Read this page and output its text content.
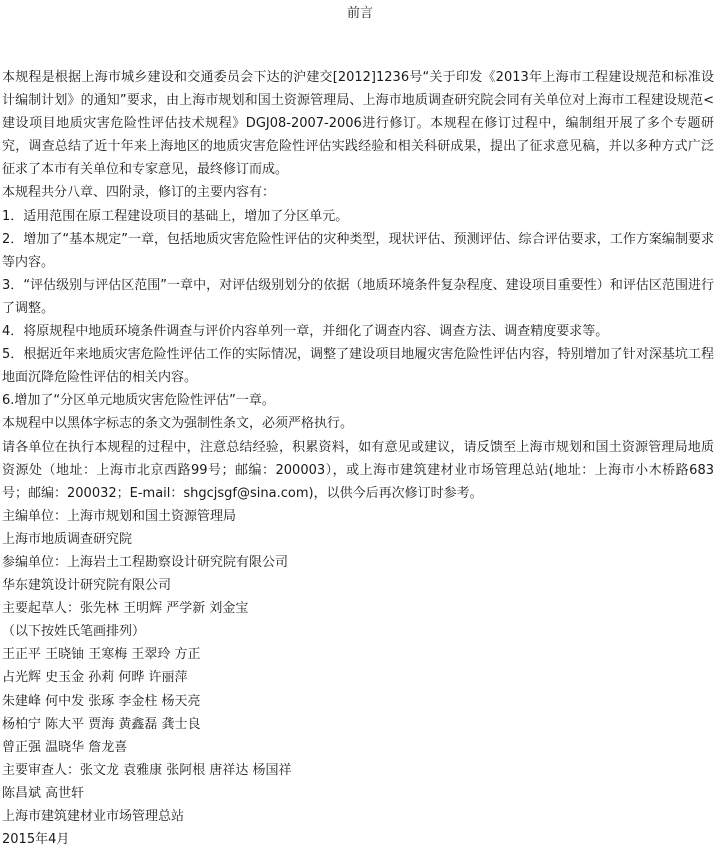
前言

本规程是根据上海市城乡建设和交通委员会下达的沪建交[2012]1236号“关于印发《2013年上海市工程建设规范和标准设计编制计划》的通知”要求，由上海市规划和国土资源管理局、上海市地质调查研究院会同有关单位对上海市工程建设规范<建设项目地质灾害危险性评估技术规程》DGJ08-2007-2006进行修订。本规程在修订过程中，编制组开展了多个专题研究，调查总结了近十年来上海地区的地质灾害危险性评估实践经验和相关科研成果，提出了征求意见稿，并以多种方式广泛征求了本市有关单位和专家意见，最终修订而成。

本规程共分八章、四附录，修订的主要内容有：

1．适用范围在原工程建设项目的基础上，增加了分区单元。

2．增加了“基本规定”一章，包括地质灾害危险性评估的灾种类型，现状评估、预测评估、综合评估要求，工作方案编制要求等内容。

3．“评估级别与评估区范围”一章中，对评估级别划分的依据（地质环境条件复杂程度、建设项目重要性）和评估区范围进行了调整。

4．将原规程中地质环境条件调查与评价内容单列一章，并细化了调查内容、调查方法、调查精度要求等。

5．根据近年来地质灾害危险性评估工作的实际情况，调整了建设项目地履灾害危险性评估内容，特别增加了针对深基坑工程地面沉降危险性评估的相关内容。

6.增加了“分区单元地质灾害危险性评估”一章。

本规程中以黑体字标志的条文为强制性条文，必须严格执行。

请各单位在执行本规程的过程中，注意总结经验，积累资料，如有意见或建议，请反馈至上海市规划和国土资源管理局地质资源处（地址：上海市北京西路99号；邮编：200003），或上海市建筑建材业市场管理总站(地址：上海市小木桥路683号；邮编：200032；E-mail：shgcjsgf@sina.com)，以供今后再次修订时参考。

主编单位：上海市规划和国土资源管理局

上海市地质调查研究院

参编单位：上海岩土工程勘察设计研究院有限公司

华东建筑设计研究院有限公司

主要起草人：张先林 王明辉 严学新 刘金宝

（以下按姓氏笔画排列）

王正平 王晓铀 王寒梅 王翠玲 方正

占光辉 史玉金 孙莉 何晔 许丽萍

朱建峰 何中发 张琢 李金柱 杨天亮

杨柏宁 陈大平 贾海 黄鑫磊 龚士良

曾正强 温晓华 詹龙喜

主要审查人：张文龙 袁雅康 张阿根 唐祥达 杨国祥

陈昌斌 高世轩

上海市建筑建材业市场管理总站

2015年4月
